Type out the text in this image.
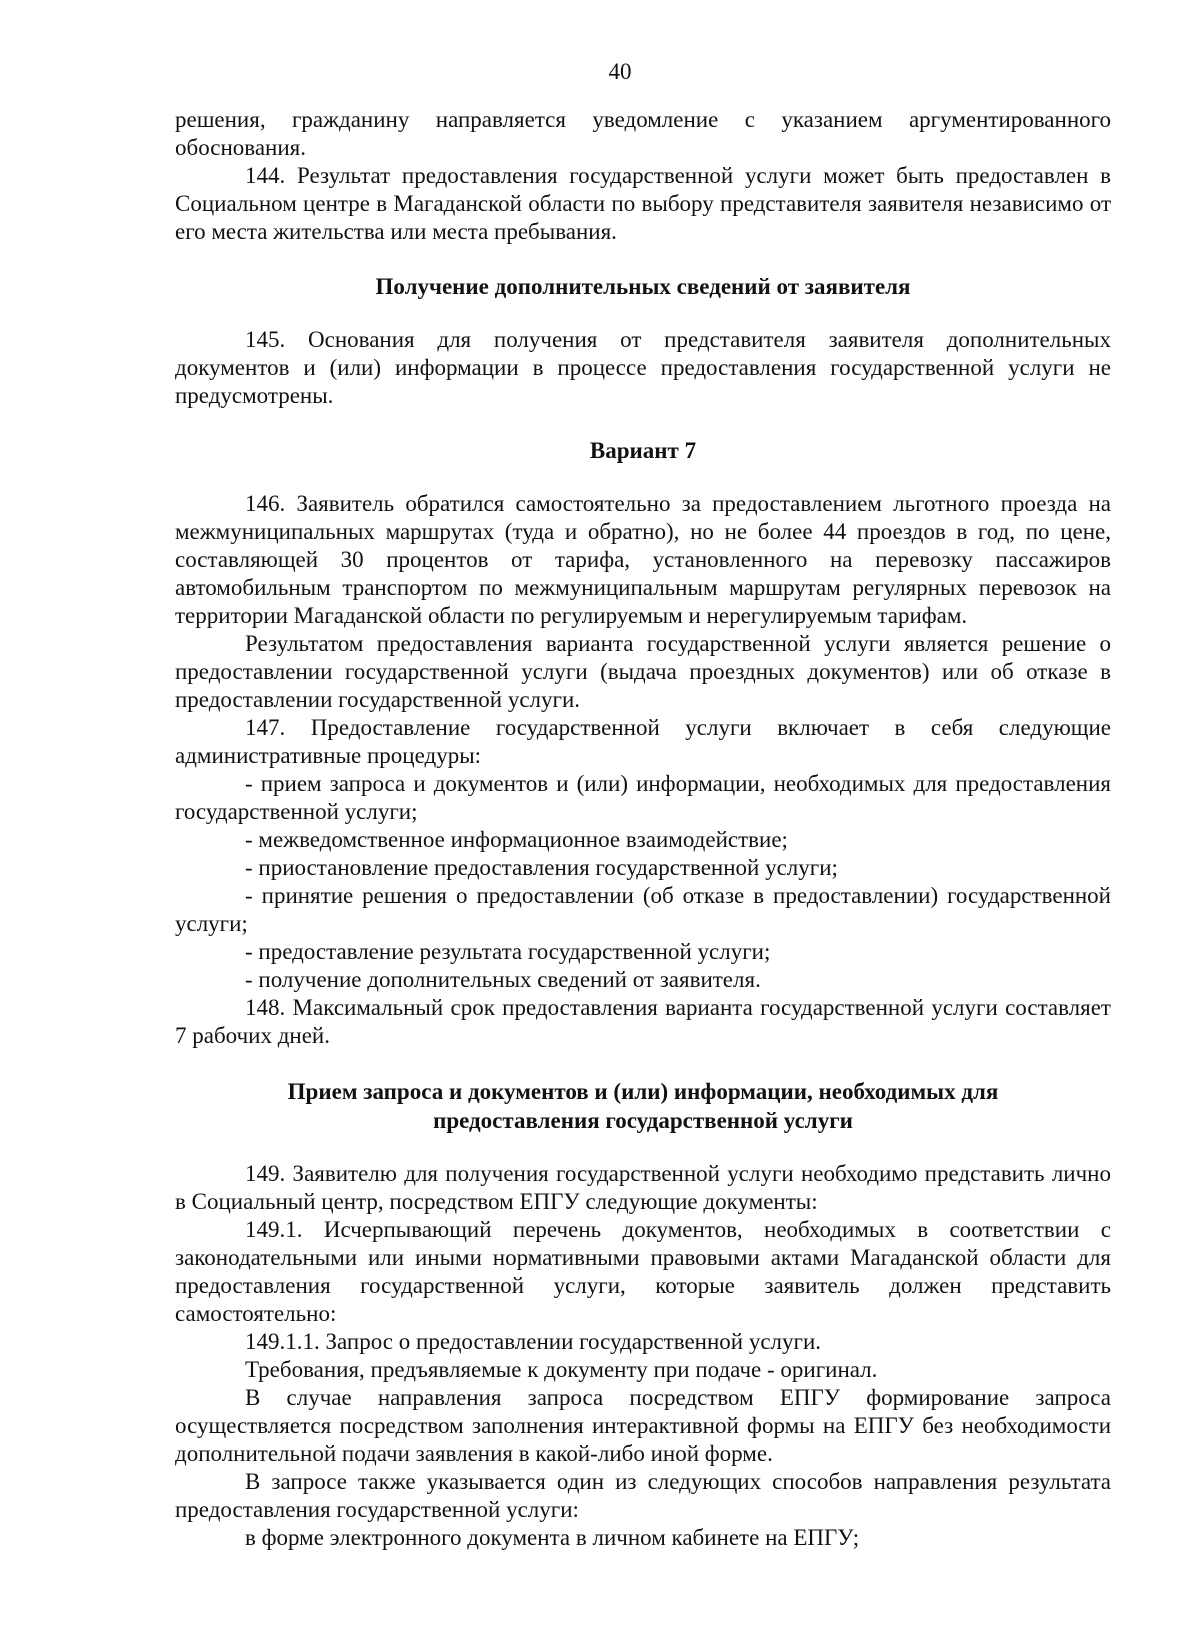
40

решения, гражданину направляется уведомление с указанием аргументированного обоснования.

144. Результат предоставления государственной услуги может быть предоставлен в Социальном центре в Магаданской области по выбору представителя заявителя независимо от его места жительства или места пребывания.

Получение дополнительных сведений от заявителя

145. Основания для получения от представителя заявителя дополнительных документов и (или) информации в процессе предоставления государственной услуги не предусмотрены.

Вариант 7

146. Заявитель обратился самостоятельно за предоставлением льготного проезда на межмуниципальных маршрутах (туда и обратно), но не более 44 проездов в год, по цене, составляющей 30 процентов от тарифа, установленного на перевозку пассажиров автомобильным транспортом по межмуниципальным маршрутам регулярных перевозок на территории Магаданской области по регулируемым и нерегулируемым тарифам.

Результатом предоставления варианта государственной услуги является решение о предоставлении государственной услуги (выдача проездных документов) или об отказе в предоставлении государственной услуги.

147. Предоставление государственной услуги включает в себя следующие административные процедуры:

- прием запроса и документов и (или) информации, необходимых для предоставления государственной услуги;

- межведомственное информационное взаимодействие;

- приостановление предоставления государственной услуги;

- принятие решения о предоставлении (об отказе в предоставлении) государственной услуги;

- предоставление результата государственной услуги;

- получение дополнительных сведений от заявителя.

148. Максимальный срок предоставления варианта государственной услуги составляет 7 рабочих дней.

Прием запроса и документов и (или) информации, необходимых для

предоставления государственной услуги

149. Заявителю для получения государственной услуги необходимо представить лично в Социальный центр, посредством ЕПГУ следующие документы:

149.1. Исчерпывающий перечень документов, необходимых в соответствии с законодательными или иными нормативными правовыми актами Магаданской области для предоставления государственной услуги, которые заявитель должен представить самостоятельно:

149.1.1. Запрос о предоставлении государственной услуги.

Требования, предъявляемые к документу при подаче - оригинал.

В случае направления запроса посредством ЕПГУ формирование запроса осуществляется посредством заполнения интерактивной формы на ЕПГУ без необходимости дополнительной подачи заявления в какой-либо иной форме.

В запросе также указывается один из следующих способов направления результата предоставления государственной услуги:

в форме электронного документа в личном кабинете на ЕПГУ;
